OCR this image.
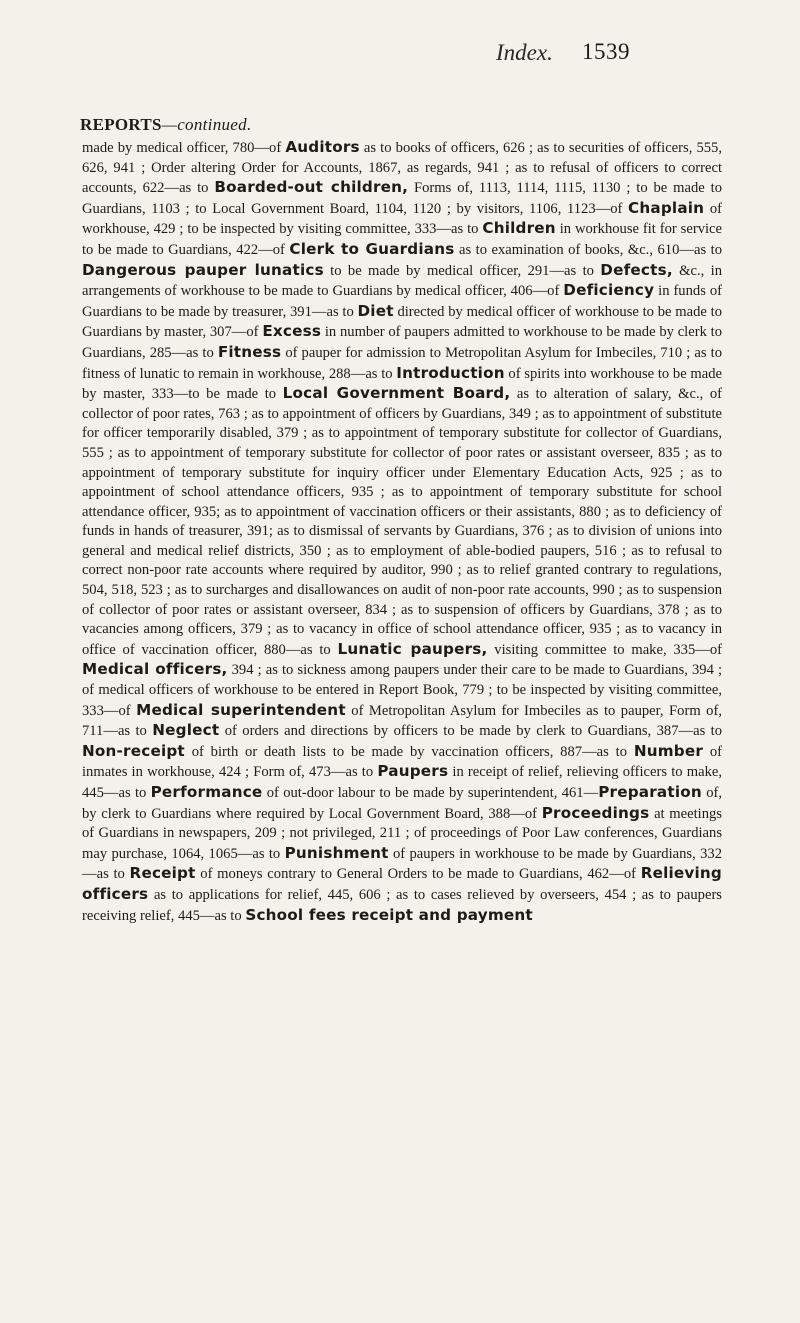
Index. 1539
REPORTS—continued.

made by medical officer, 780—of Auditors as to books of officers, 626 ; as to securities of officers, 555, 626, 941 ; Order altering Order for Accounts, 1867, as regards, 941 ; as to refusal of officers to correct accounts, 622—as to Boarded-out children, Forms of, 1113, 1114, 1115, 1130 ; to be made to Guardians, 1103 ; to Local Government Board, 1104, 1120 ; by visitors, 1106, 1123—of Chaplain of workhouse, 429 ; to be inspected by visiting committee, 333—as to Children in workhouse fit for service to be made to Guardians, 422—of Clerk to Guardians as to examination of books, &c., 610—as to Dangerous pauper lunatics to be made by medical officer, 291—as to Defects, &c., in arrangements of workhouse to be made to Guardians by medical officer, 406—of Deficiency in funds of Guardians to be made by treasurer, 391—as to Diet directed by medical officer of workhouse to be made to Guardians by master, 307—of Excess in number of paupers admitted to workhouse to be made by clerk to Guardians, 285—as to Fitness of pauper for admission to Metropolitan Asylum for Imbeciles, 710 ; as to fitness of lunatic to remain in workhouse, 288—as to Introduction of spirits into workhouse to be made by master, 333—to be made to Local Government Board, as to alteration of salary, &c., of collector of poor rates, 763 ; as to appointment of officers by Guardians, 349 ; as to appointment of substitute for officer temporarily disabled, 379 ; as to appointment of temporary substitute for collector of Guardians, 555 ; as to appointment of temporary substitute for collector of poor rates or assistant overseer, 835 ; as to appointment of temporary substitute for inquiry officer under Elementary Education Acts, 925 ; as to appointment of school attendance officers, 935 ; as to appointment of temporary substitute for school attendance officer, 935; as to appointment of vaccination officers or their assistants, 880 ; as to deficiency of funds in hands of treasurer, 391; as to dismissal of servants by Guardians, 376 ; as to division of unions into general and medical relief districts, 350 ; as to employment of able-bodied paupers, 516 ; as to refusal to correct non-poor rate accounts where required by auditor, 990 ; as to relief granted contrary to regulations, 504, 518, 523 ; as to surcharges and disallowances on audit of non-poor rate accounts, 990 ; as to suspension of collector of poor rates or assistant overseer, 834 ; as to suspension of officers by Guardians, 378 ; as to vacancies among officers, 379 ; as to vacancy in office of school attendance officer, 935 ; as to vacancy in office of vaccination officer, 880—as to Lunatic paupers, visiting committee to make, 335—of Medical officers, 394 ; as to sickness among paupers under their care to be made to Guardians, 394 ; of medical officers of workhouse to be entered in Report Book, 779 ; to be inspected by visiting committee, 333—of Medical superintendent of Metropolitan Asylum for Imbeciles as to pauper, Form of, 711—as to Neglect of orders and directions by officers to be made by clerk to Guardians, 387—as to Non-receipt of birth or death lists to be made by vaccination officers, 887—as to Number of inmates in workhouse, 424 ; Form of, 473—as to Paupers in receipt of relief, relieving officers to make, 445—as to Performance of out-door labour to be made by superintendent, 461—Preparation of, by clerk to Guardians where required by Local Government Board, 388—of Proceedings at meetings of Guardians in newspapers, 209 ; not privileged, 211 ; of proceedings of Poor Law conferences, Guardians may purchase, 1064, 1065—as to Punishment of paupers in workhouse to be made by Guardians, 332—as to Receipt of moneys contrary to General Orders to be made to Guardians, 462—of Relieving officers as to applications for relief, 445, 606 ; as to cases relieved by overseers, 454 ; as to paupers receiving relief, 445—as to School fees receipt and payment
